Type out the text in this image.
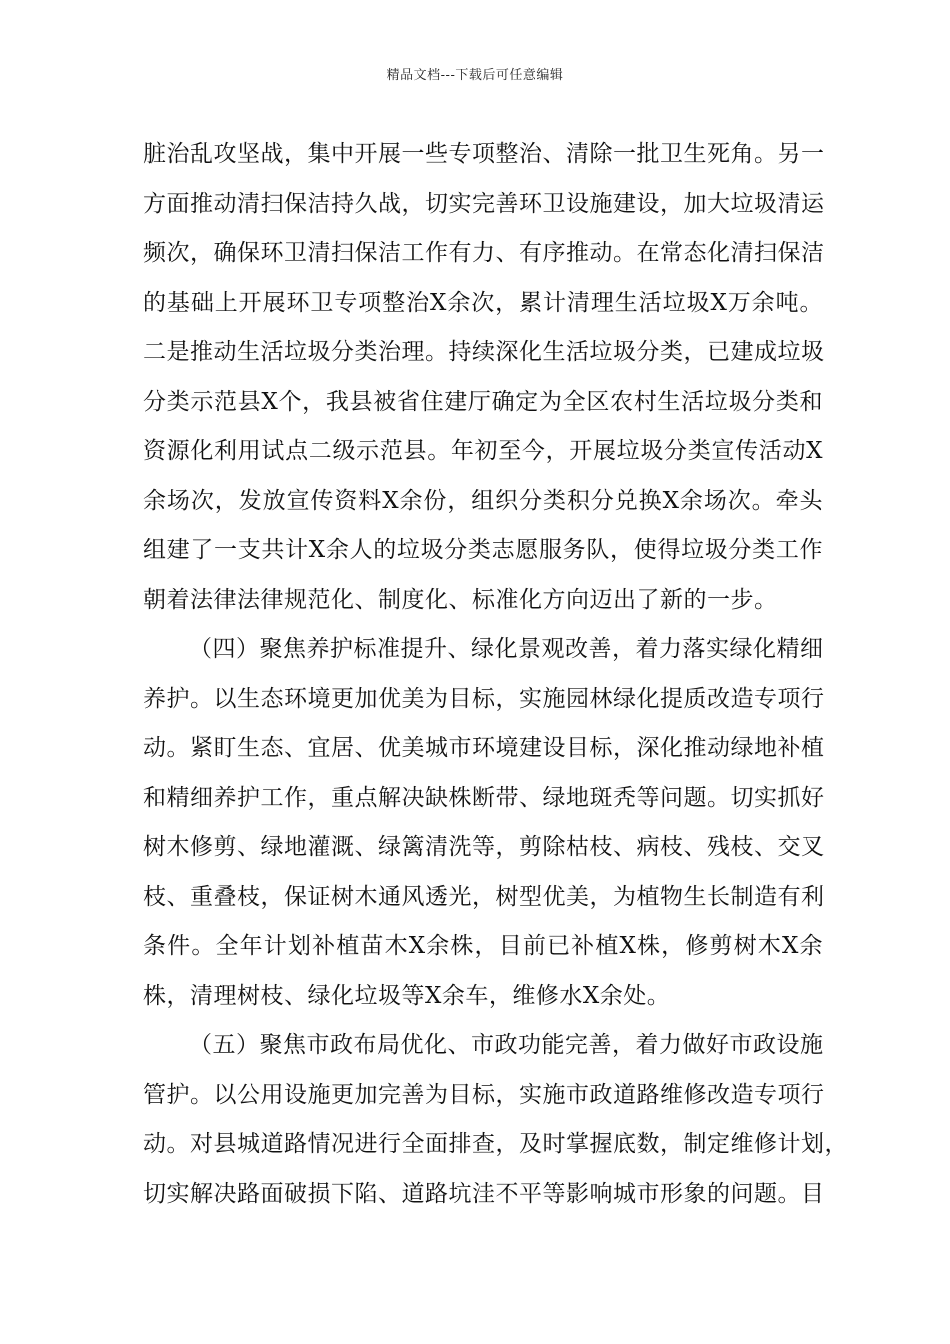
精品文档---下载后可任意编辑
脏治乱攻坚战，集中开展一些专项整治、清除一批卫生死角。另一
方面推动清扫保洁持久战，切实完善环卫设施建设，加大垃圾清运
频次，确保环卫清扫保洁工作有力、有序推动。在常态化清扫保洁
的基础上开展环卫专项整治X余次，累计清理生活垃圾X万余吨。
二是推动生活垃圾分类治理。持续深化生活垃圾分类，已建成垃圾
分类示范县X个，我县被省住建厅确定为全区农村生活垃圾分类和
资源化利用试点二级示范县。年初至今，开展垃圾分类宣传活动X
余场次，发放宣传资料X余份，组织分类积分兑换X余场次。牵头
组建了一支共计X余人的垃圾分类志愿服务队，使得垃圾分类工作
朝着法律法律规范化、制度化、标准化方向迈出了新的一步。
（四）聚焦养护标准提升、绿化景观改善，着力落实绿化精细
养护。以生态环境更加优美为目标，实施园林绿化提质改造专项行
动。紧盯生态、宜居、优美城市环境建设目标，深化推动绿地补植
和精细养护工作，重点解决缺株断带、绿地斑秃等问题。切实抓好
树木修剪、绿地灌溉、绿篱清洗等，剪除枯枝、病枝、残枝、交叉
枝、重叠枝，保证树木通风透光，树型优美，为植物生长制造有利
条件。全年计划补植苗木X余株，目前已补植X株，修剪树木X余
株，清理树枝、绿化垃圾等X余车，维修水X余处。
（五）聚焦市政布局优化、市政功能完善，着力做好市政设施
管护。以公用设施更加完善为目标，实施市政道路维修改造专项行
动。对县城道路情况进行全面排查，及时掌握底数，制定维修计划，
切实解决路面破损下陷、道路坑洼不平等影响城市形象的问题。目
